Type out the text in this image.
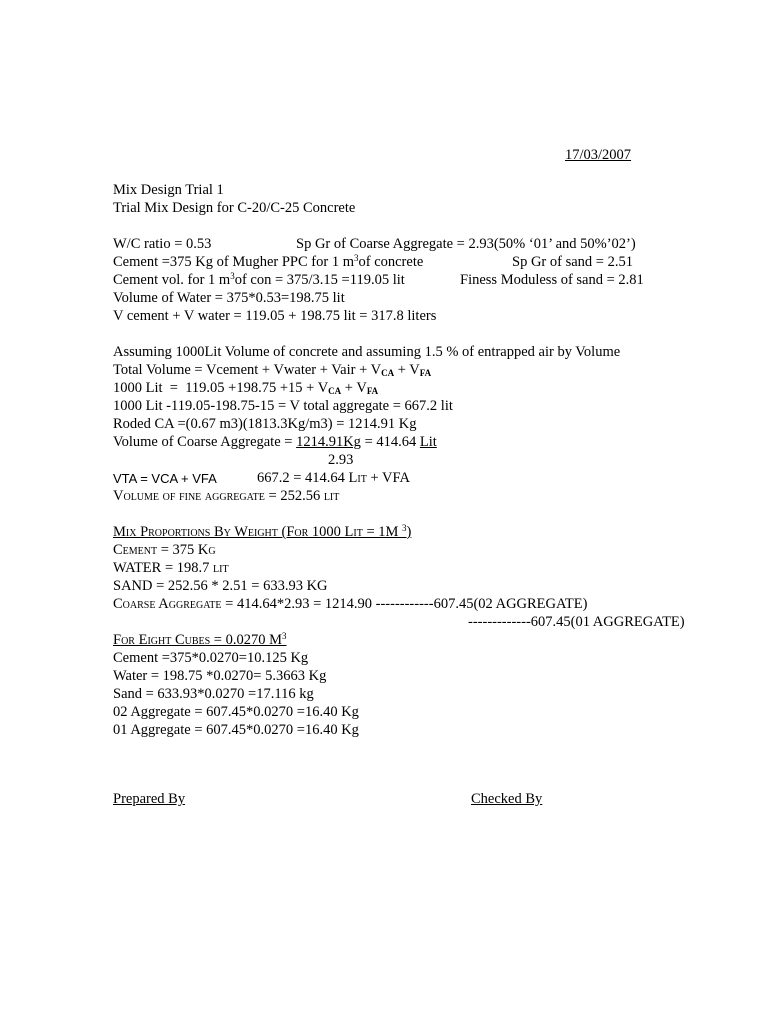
17/03/2007
Mix Design Trial 1
Trial Mix Design for C-20/C-25 Concrete
W/C ratio = 0.53	Sp Gr of Coarse Aggregate = 2.93(50% ‘01’ and 50%’02’)
Cement =375 Kg of Mugher PPC for 1 $m^3of$ concrete	Sp Gr of sand = 2.51
Cement vol. for 1 $m^3of$ con = 375/3.15 =119.05 lit	Finess Moduless of sand = 2.81
Volume of Water = 375*0.53=198.75 lit
V cement + V water = 119.05 + 198.75 lit = 317.8 liters
Assuming 1000Lit Volume of concrete and assuming 1.5 % of entrapped air by Volume
Total Volume = Vcement + Vwater + Vair + $V_{CA} + V_{FA}$
1000 Lit  =  $119.05 +198.75 +15 + V_{CA} + V_{FA}$
1000 Lit -119.05-198.75-15 = V total aggregate = 667.2 lit
Roded CA =(0.67 m3)(1813.3Kg/m3) = 1214.91 Kg
Volume of Coarse Aggregate = 1214.91Kg = 414.64 Lit
2.93
VTA = VCA + VFA	667.2 = 414.64 Lit + VFA
Volume of fine aggregate = 252.56 lit
Mix Proportions By Weight (For 1000 Lit = 1M $^3$)
Cement = 375 Kg
WATER = 198.7 lit
SAND = 252.56 * 2.51 = 633.93 KG
Coarse Aggregate = 414.64*2.93 = 1214.90 ------------607.45(02 AGGREGATE)
-------------607.45(01 AGGREGATE)
For Eight Cubes = 0.0270 $M^3$
Cement =375*0.0270=10.125 Kg
Water = 198.75 *0.0270= 5.3663 Kg
Sand = 633.93*0.0270 =17.116 kg
02 Aggregate = 607.45*0.0270 =16.40 Kg
01 Aggregate = 607.45*0.0270 =16.40 Kg
Prepared By	Checked By
